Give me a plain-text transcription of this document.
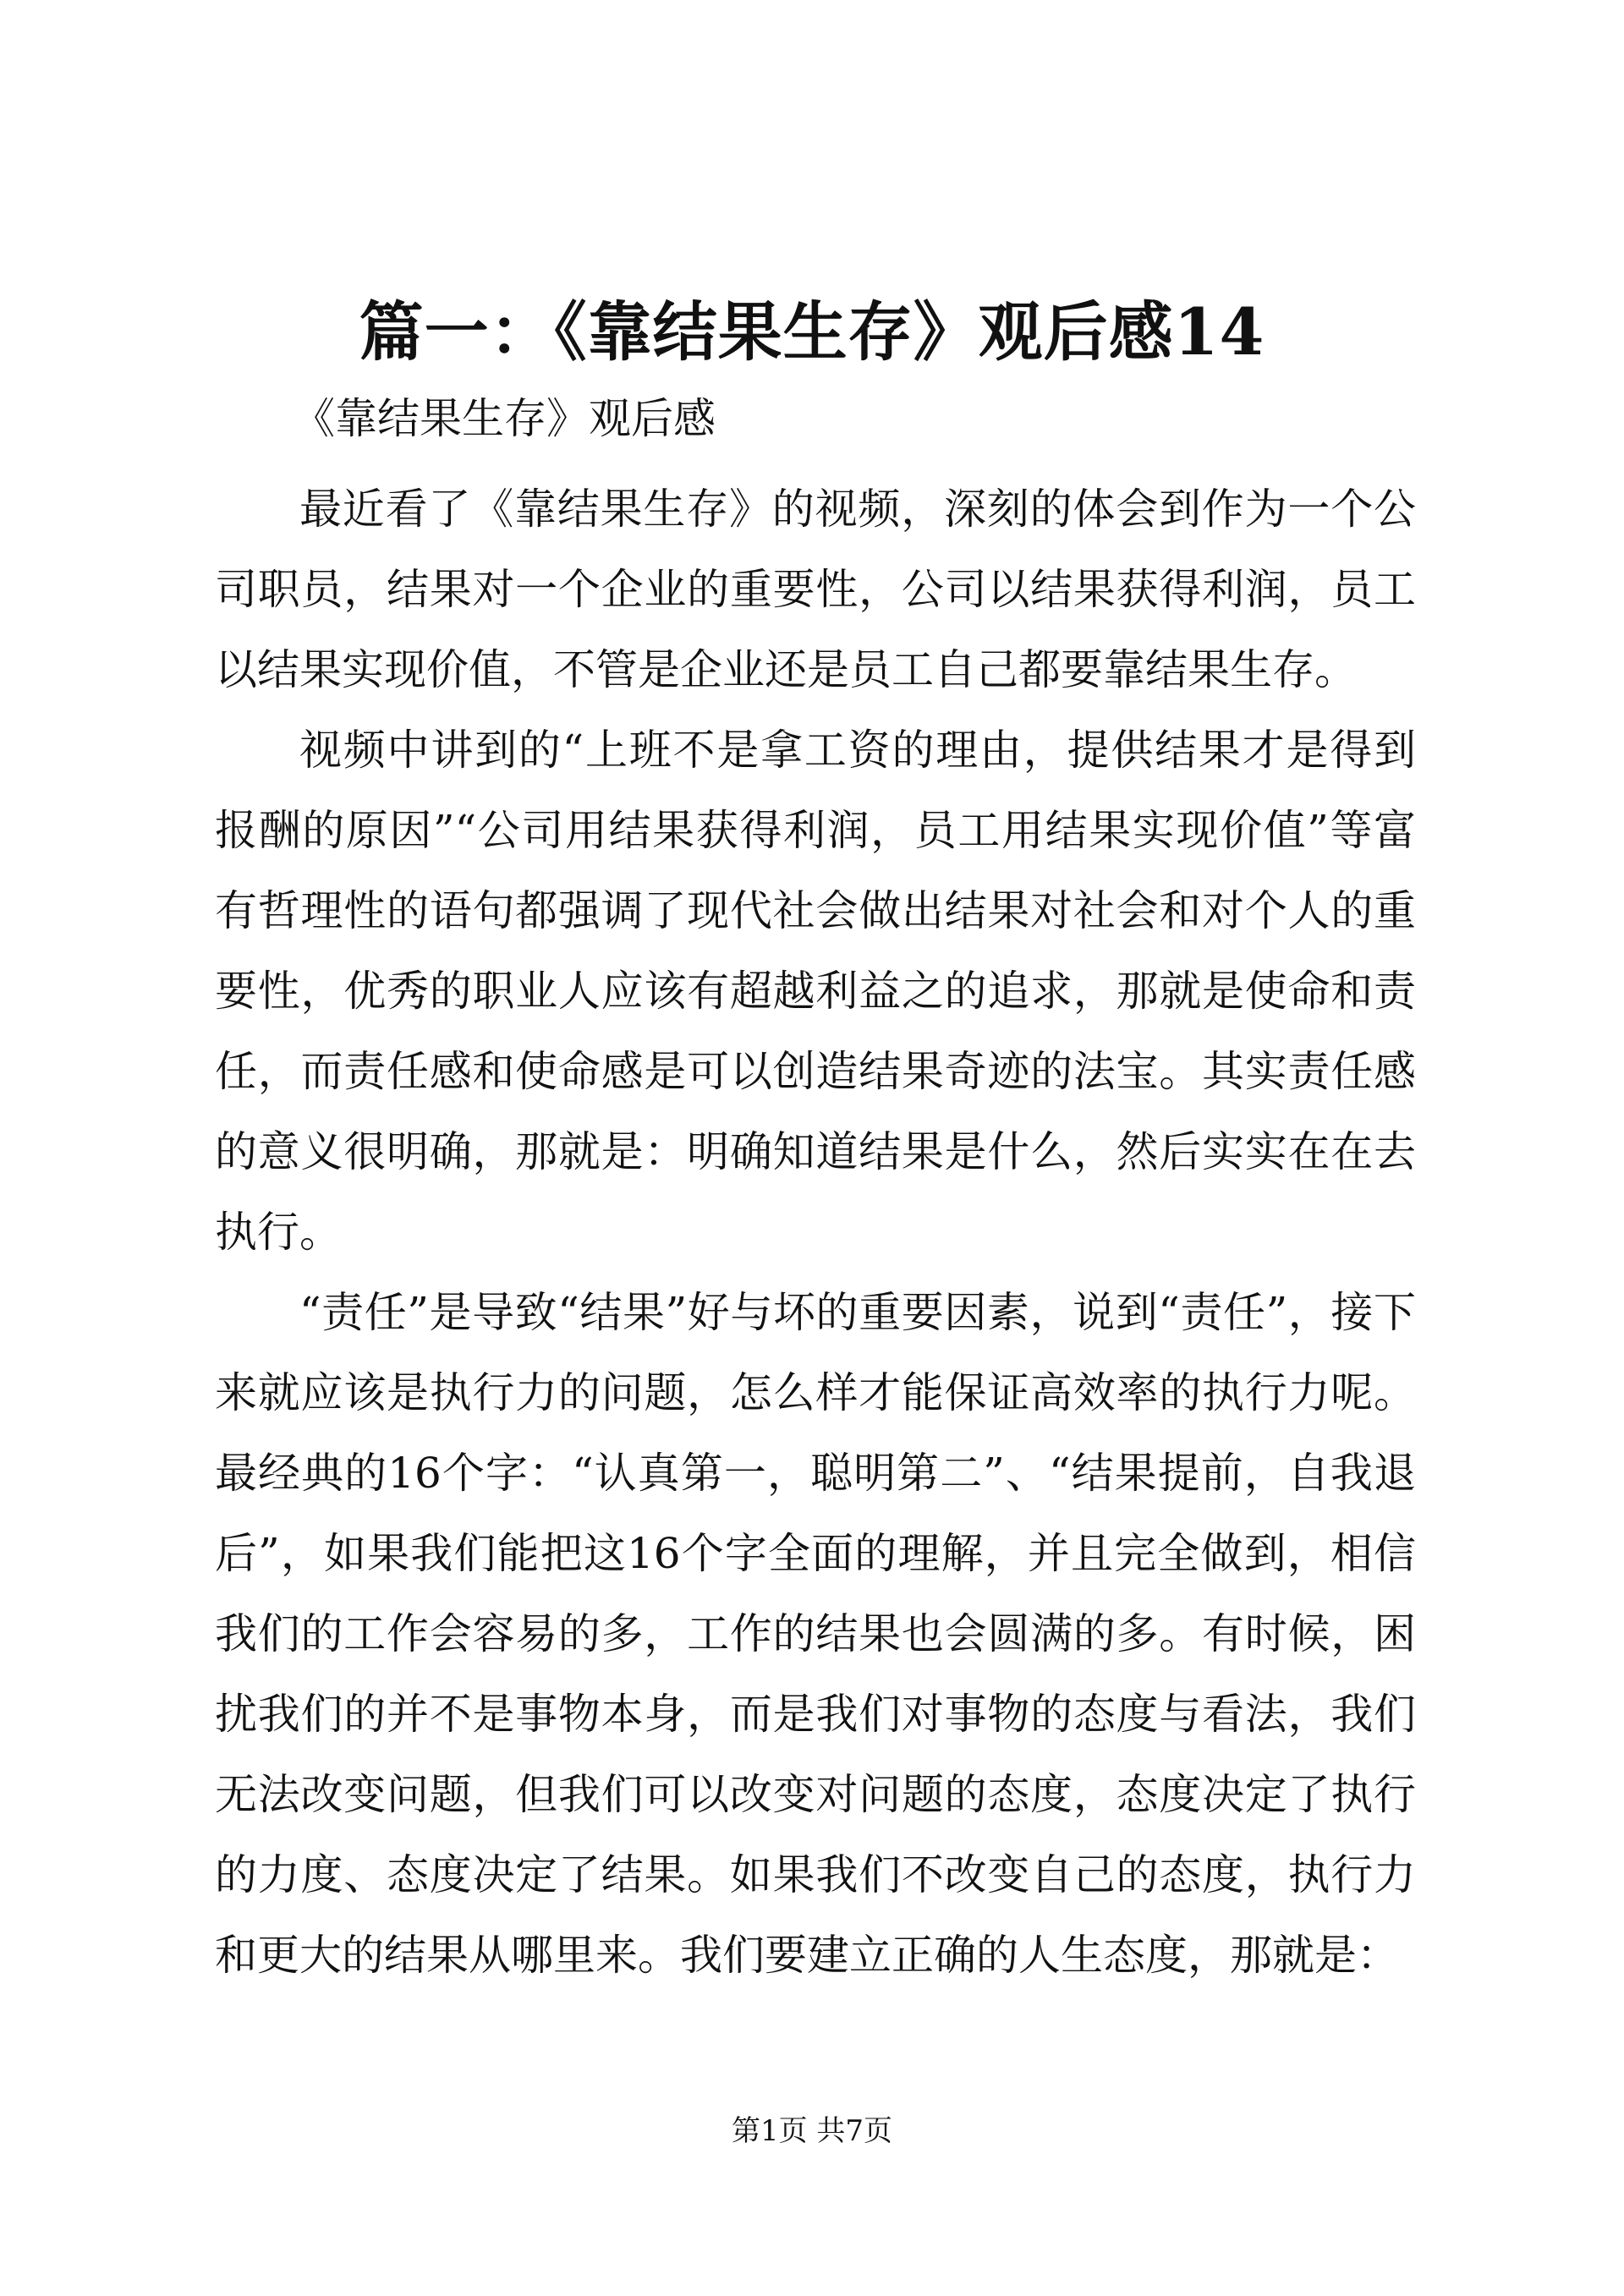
篇一：《靠结果生存》观后感14
《靠结果生存》观后感

最近看了《靠结果生存》的视频，深刻的体会到作为一个公司职员，结果对一个企业的重要性，公司以结果获得利润，员工以结果实现价值，不管是企业还是员工自己都要靠结果生存。

视频中讲到的“上班不是拿工资的理由，提供结果才是得到报酬的原因”“公司用结果获得利润，员工用结果实现价值”等富有哲理性的语句都强调了现代社会做出结果对社会和对个人的重要性，优秀的职业人应该有超越利益之的追求，那就是使命和责任，而责任感和使命感是可以创造结果奇迹的法宝。其实责任感的意义很明确，那就是：明确知道结果是什么，然后实实在在去执行。

“责任”是导致“结果”好与坏的重要因素，说到“责任”，接下来就应该是执行力的问题，怎么样才能保证高效率的执行力呢。最经典的16个字：“认真第一，聪明第二”、“结果提前，自我退后”，如果我们能把这16个字全面的理解，并且完全做到，相信我们的工作会容易的多，工作的结果也会圆满的多。有时候，困扰我们的并不是事物本身，而是我们对事物的态度与看法，我们无法改变问题，但我们可以改变对问题的态度，态度决定了执行的力度、态度决定了结果。如果我们不改变自己的态度，执行力和更大的结果从哪里来。我们要建立正确的人生态度，那就是：

第1页 共7页
